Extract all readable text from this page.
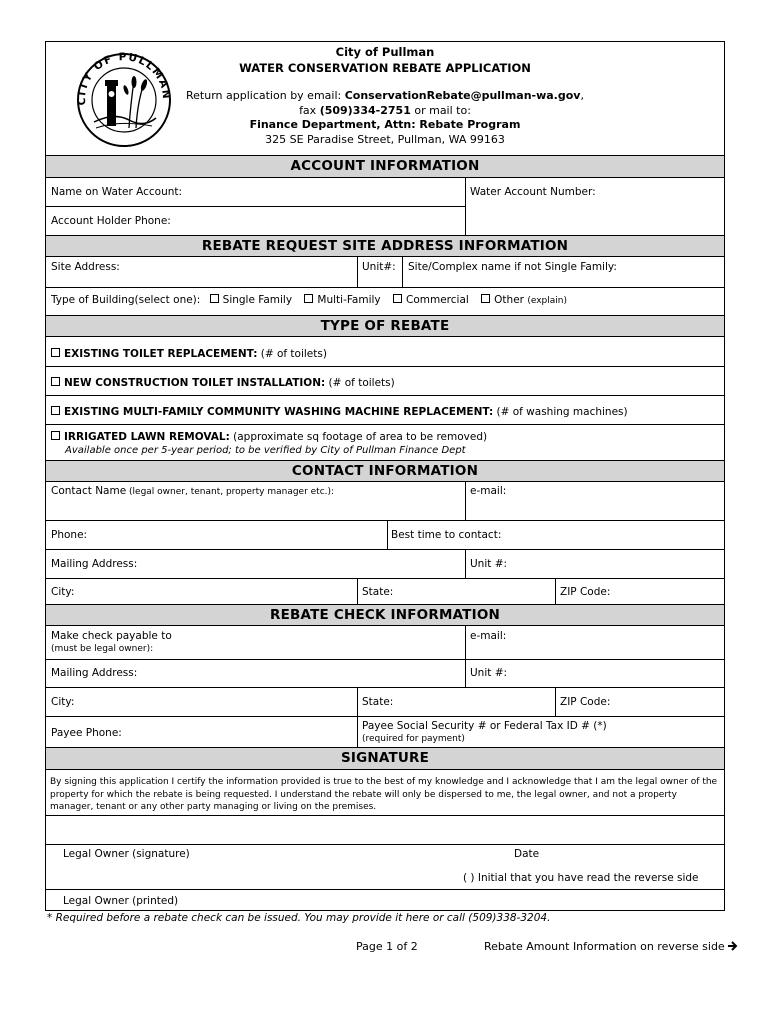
CITY OF PULLMAN
City of Pullman
WATER CONSERVATION REBATE APPLICATION
Return application by email: ConservationRebate@pullman-wa.gov,
fax (509)334-2751 or mail to:
Finance Department, Attn: Rebate Program
325 SE Paradise Street, Pullman, WA 99163
ACCOUNT INFORMATION
Name on Water Account:	Water Account Number:
Account Holder Phone:
REBATE REQUEST SITE ADDRESS INFORMATION
Site Address:	Unit#: Site/Complex name if not Single Family:
Type of Building(select one): Single Family Multi-Family Commercial Other (explain)
TYPE OF REBATE
EXISTING TOILET REPLACEMENT: (# of toilets)
NEW CONSTRUCTION TOILET INSTALLATION: (# of toilets)
EXISTING MULTI-FAMILY COMMUNITY WASHING MACHINE REPLACEMENT: (# of washing machines)
IRRIGATED LAWN REMOVAL: (approximate sq footage of area to be removed)
Available once per 5-year period; to be verified by City of Pullman Finance Dept
CONTACT INFORMATION
Contact Name (legal owner, tenant, property manager etc.):	e-mail:
Phone:	Best time to contact:
Mailing Address:	Unit #:
City:	State:	ZIP Code:
REBATE CHECK INFORMATION
Make check payable to
(must be legal owner):
e-mail:
Mailing Address:	Unit #:
City:	State:	ZIP Code:
Payee Phone:
Payee Social Security # or Federal Tax ID # (*)
(required for payment)
SIGNATURE
By signing this application I certify the information provided is true to the best of my knowledge and I acknowledge that I am the legal owner of the property for which the rebate is being requested. I understand the rebate will only be dispersed to me, the legal owner, and not a property manager, tenant or any other party managing or living on the premises.
Legal Owner (signature)	Date
( ) Initial that you have read the reverse side
Legal Owner (printed)
* Required before a rebate check can be issued. You may provide it here or call (509)338-3204.
Page 1 of 2	Rebate Amount Information on reverse side
